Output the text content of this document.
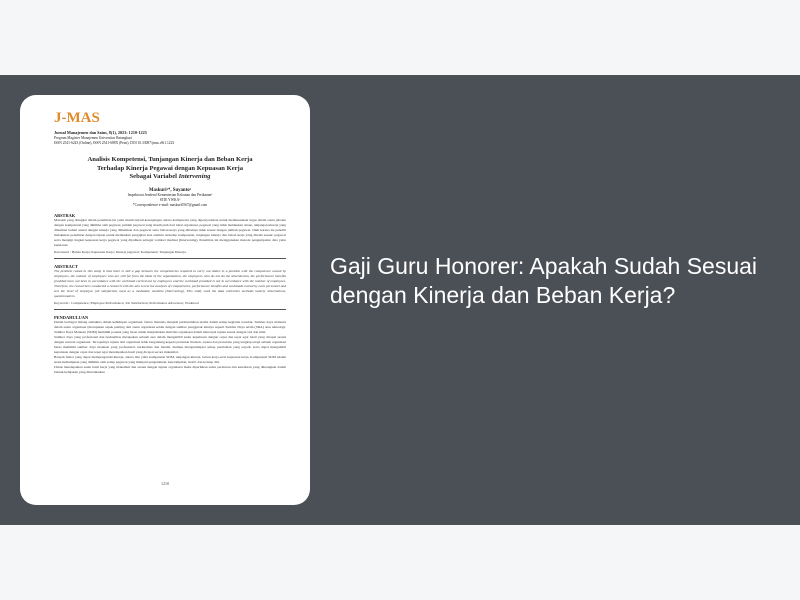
J-MAS
Jurnal Manajemen dan Sains, 8(1), 2023: 1210-1225
Program Magister Manajemen Universitas Batanghari
ISSN 2541-6243 (Online), ISSN 2541-688X (Print), DOI 10.33087/jmas.v8i1.1223
Analisis Kompetensi, Tunjangan Kinerja dan Beban Kerja
Terhadap Kinerja Pegawai dengan Kepuasan Kerja
Sebagai Variabel Intervening
Maskuri¹*, Suyanto²
Inspektorat Jenderal Kementerian Kelautan dan Perikanan¹
STIE YWKA²
*Correspondence e-mail: maskuri0567@gmail.com
ABSTRAK
Masalah yang diangkat dalam penelitian ini yaitu masih terjadi kesenjangan antara kompetensi yang dipersyaratkan untuk melaksanakan tugas dalam suatu jabatan dengan kompetensi yang dimiliki oleh pegawai, jumlah pegawai yang masih jauh dari ideal organisasi, pegawai yang tidak melakukan absen, tunjangan kinerja yang diberikan belum sesuai dengan kinerja yang dihasilkan dan pegawai serta beban kerja yang dihadapi tidak sesuai dengan jumlah pegawai. Oleh karena itu peneliti melakukan penelitian dengan tujuan untuk melakukan pengujian atas analisis terhadap kompetensi, tunjangan kinerja dan beban kerja yang diteliti sesuai/ pegawai serta menguji tingkat kepuasan kerja pegawai yang dijadikan sebagai variabel mediasi (Intervening). Penelitian ini menggunakan metode pengumpulan data yaitu kuesioner.
Kata kunci : Beban Kerja; Kepuasan Kerja; Kinerja pegawai; Kompetensi; Tunjangan Kinerja.
ABSTRACT
The problem raised in this study is that there is still a gap between the competencies required to carry out duties in a position with the competence owned by employees, the number of employees who are still far from the ideal of the organization, the employees who do not do the absenteeism, the performance benefits provided have not been in accordance with the workload carried out by employees and the workload provided is not in accordance with the number of employees. Therefore, the researchers conducted a research with the aim to test the analysis of competencies, performance benefits and workloads owned by each personnel and test the level of employee job satisfaction used as a mediation variable (Intervening). This study used the data collection methods namely observations, questionnaires.
Keywords : Competence; Employee Performance; Job Satisfaction; Performance Allowance; Workload
PENDAHULUAN
Dalam berbagai bidang semakina dalam kehidupan organisasi, faktor manusia menjadi permasalahan utama dalam setiap kegiatan tersebut. Sumber daya manusia dalam suatu organisasi (merupakan aspek penting dari suatu organisasi selain dengan sumber penggerak lainnya seperti Sumber Daya Alam (SDA) atau teknologi. Sumber Daya Manusia (SDM) memiliki potensi yang besar untuk menjalankan aktivitas organisasi dalam mencapai tujuan sesuai dengan visi dan misi.
Sumber daya yang profesional dan berkualitas merupakan sebuah aset dalam mengambil suatu keputusan dengan cepat dan tepat agar hasil yang dicapai sesuai dengan sasaran organisasi. Tercapainya tujuan dari organisasi tidak bergantung kepada peralatan modern, sarana dan prasarana yang lengkap tetapi sebuah organisasi harus memiliki sumber daya manusia yang profesional, berkualitas dan handal, mampu mengantisipasi setiap perubahan yang terjadi, serta dapat mengambil keputusan dengan cepat dan tepat agar mendapatkan hasil yang dicapai secara maksimal.
Banyak faktor yang dapat mempengaruhi kinerja, antara lain yaitu kompetensi SDM, tunjangan kinerja, beban kerja serta kepuasan kerja. Kompetensi SDM adalah suatu kemampuan yang dimiliki oleh setiap pegawai yang meliputi pengetahuan, keterampilan, motif, dan konsep diri.
Untuk mendapatkan suatu hasil kerja yang maksimal dan sesuai dengan tujuan organisasi maka diperlukan suatu peraturan dan ketentuan yang dituangkan dalam bentuk kebijakan yang diberlakukan
1210
Gaji Guru Honorer: Apakah Sudah Sesuai dengan Kinerja dan Beban Kerja?
